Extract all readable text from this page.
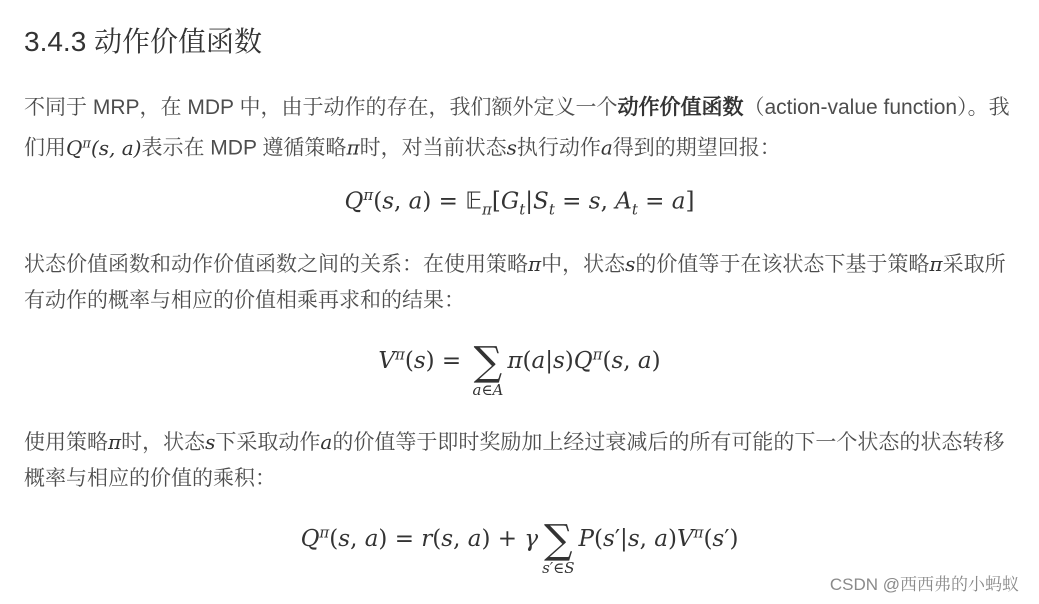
3.4.3 动作价值函数

不同于 MRP，在 MDP 中，由于动作的存在，我们额外定义一个动作价值函数（action-value function）。我们用$Q^\pi(s$, a)表示在 MDP 遵循策略π时，对当前状态s执行动作a得到的期望回报：

$Q^\pi(s$, $a) = 𝔼_\pi[G_t|S_t = s$, $A_t = a$]

状态价值函数和动作价值函数之间的关系：在使用策略π中，状态s的价值等于在该状态下基于策略π采取所有动作的概率与相应的价值相乘再求和的结果：

$V^\pi(s)$ = ∑
a∈A
$\pi(a|s)Q^\pi(s$, a)

使用策略π时，状态s下采取动作a的价值等于即时奖励加上经过衰减后的所有可能的下一个状态的状态转移概率与相应的价值的乘积：

$Q^\pi(s$, a) = r(s, a) + γ ∑
s′∈S
P(s′|s, $a)V^\pi(s')$
CSDN @西西弗的小蚂蚁
